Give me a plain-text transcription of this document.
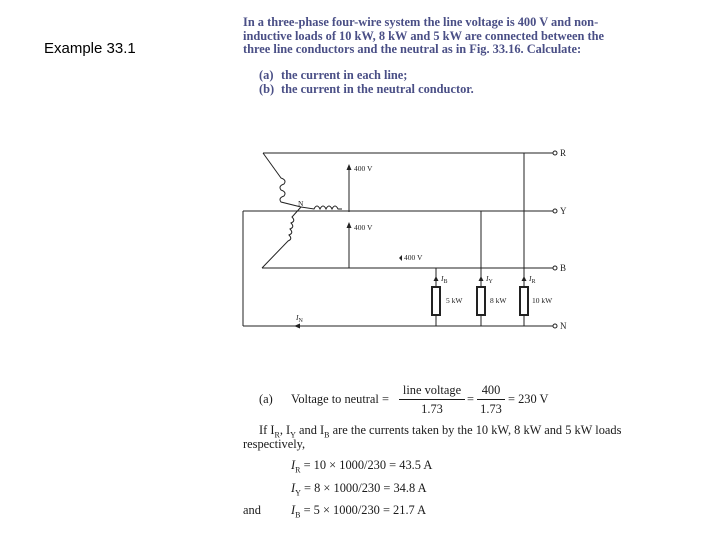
Example 33.1
In a three-phase four-wire system the line voltage is 400 V and non-
inductive loads of 10 kW, 8 kW and 5 kW are connected between the
three line conductors and the neutral as in Fig. 33.16. Calculate:
(a) the current in each line;
(b) the current in the neutral conductor.
R
Y
B
N
N
400 V
400 V
400 V
$I_B$	$I_Y$	$I_R$
$I_N$
5 kW	8 kW	10 kW
(a) Voltage to neutral =
line voltage
1.73
=
400
1.73
= 230 V
If $I_R$, $I_Y$ and $I_B$ are the currents taken by the 10 kW, 8 kW and 5 kW loads
respectively,
$I_R = 10 \times 1000/230 = 43.5$ A
$I_Y = 8 \times 1000/230 = 34.8$ A
and $I_B = 5 \times 1000/230 = 21.7$ A
